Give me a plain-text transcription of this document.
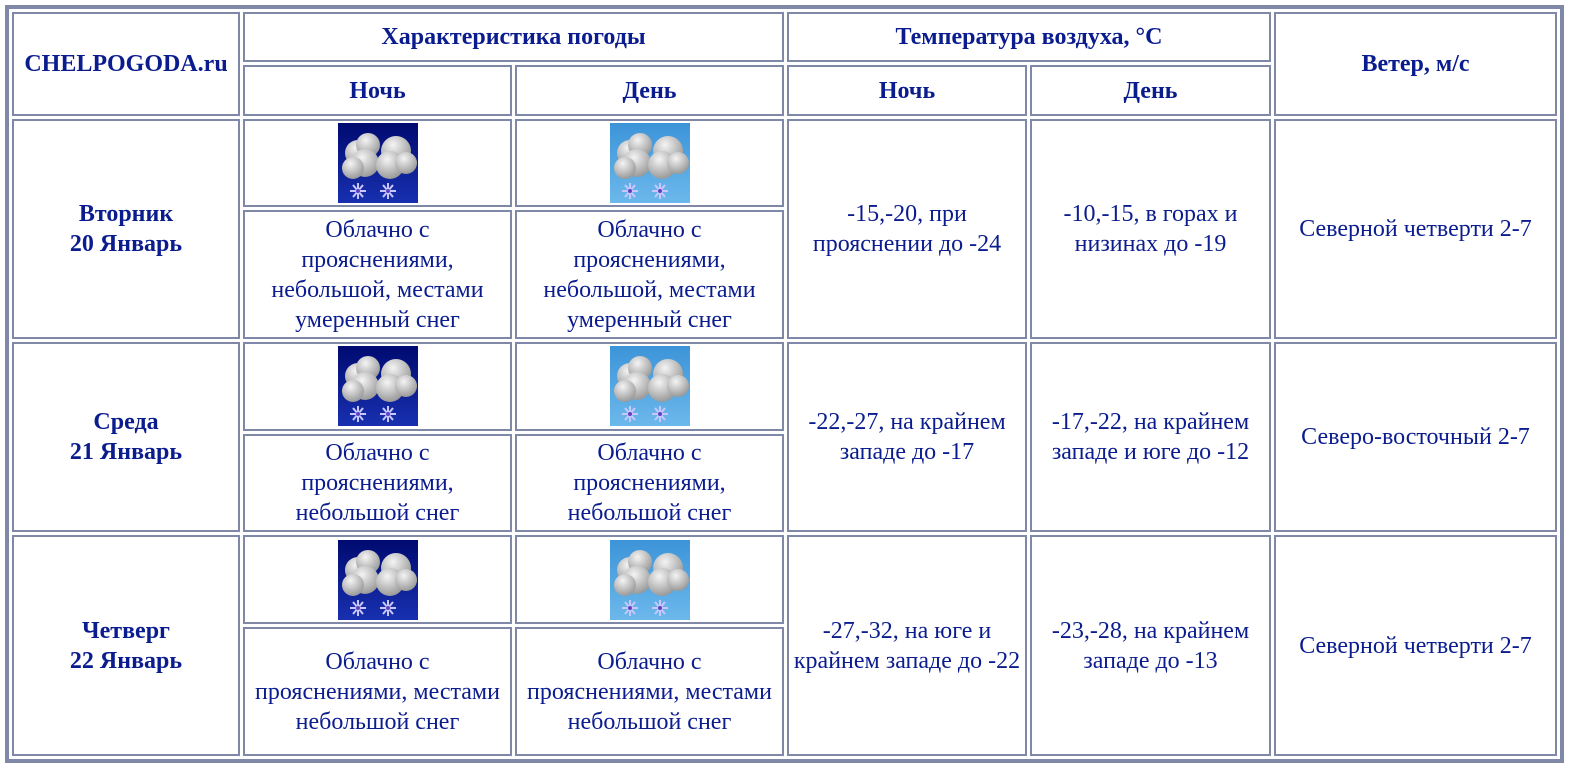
CHELPOGODA.ru	Характеристика погоды		Температура воздуха, °C		Ветер, м/с
	Ночь	День	Ночь	День	
Вторник
20 Январь			-15,-20, при прояснении до -24	-10,-15, в горах и низинах до -19	Северной четверти 2-7
	Облачно с прояснениями, небольшой, местами умеренный снег	Облачно с прояснениями, небольшой, местами умеренный снег			
Среда
21 Январь			-22,-27, на крайнем западе до -17	-17,-22, на крайнем западе и юге до -12	Северо-восточный 2-7
	Облачно с прояснениями, небольшой снег	Облачно с прояснениями, небольшой снег			
Четверг
22 Январь			-27,-32, на юге и крайнем западе до -22	-23,-28, на крайнем западе до -13	Северной четверти 2-7
	Облачно с прояснениями, местами небольшой снег	Облачно с прояснениями, местами небольшой снег			
